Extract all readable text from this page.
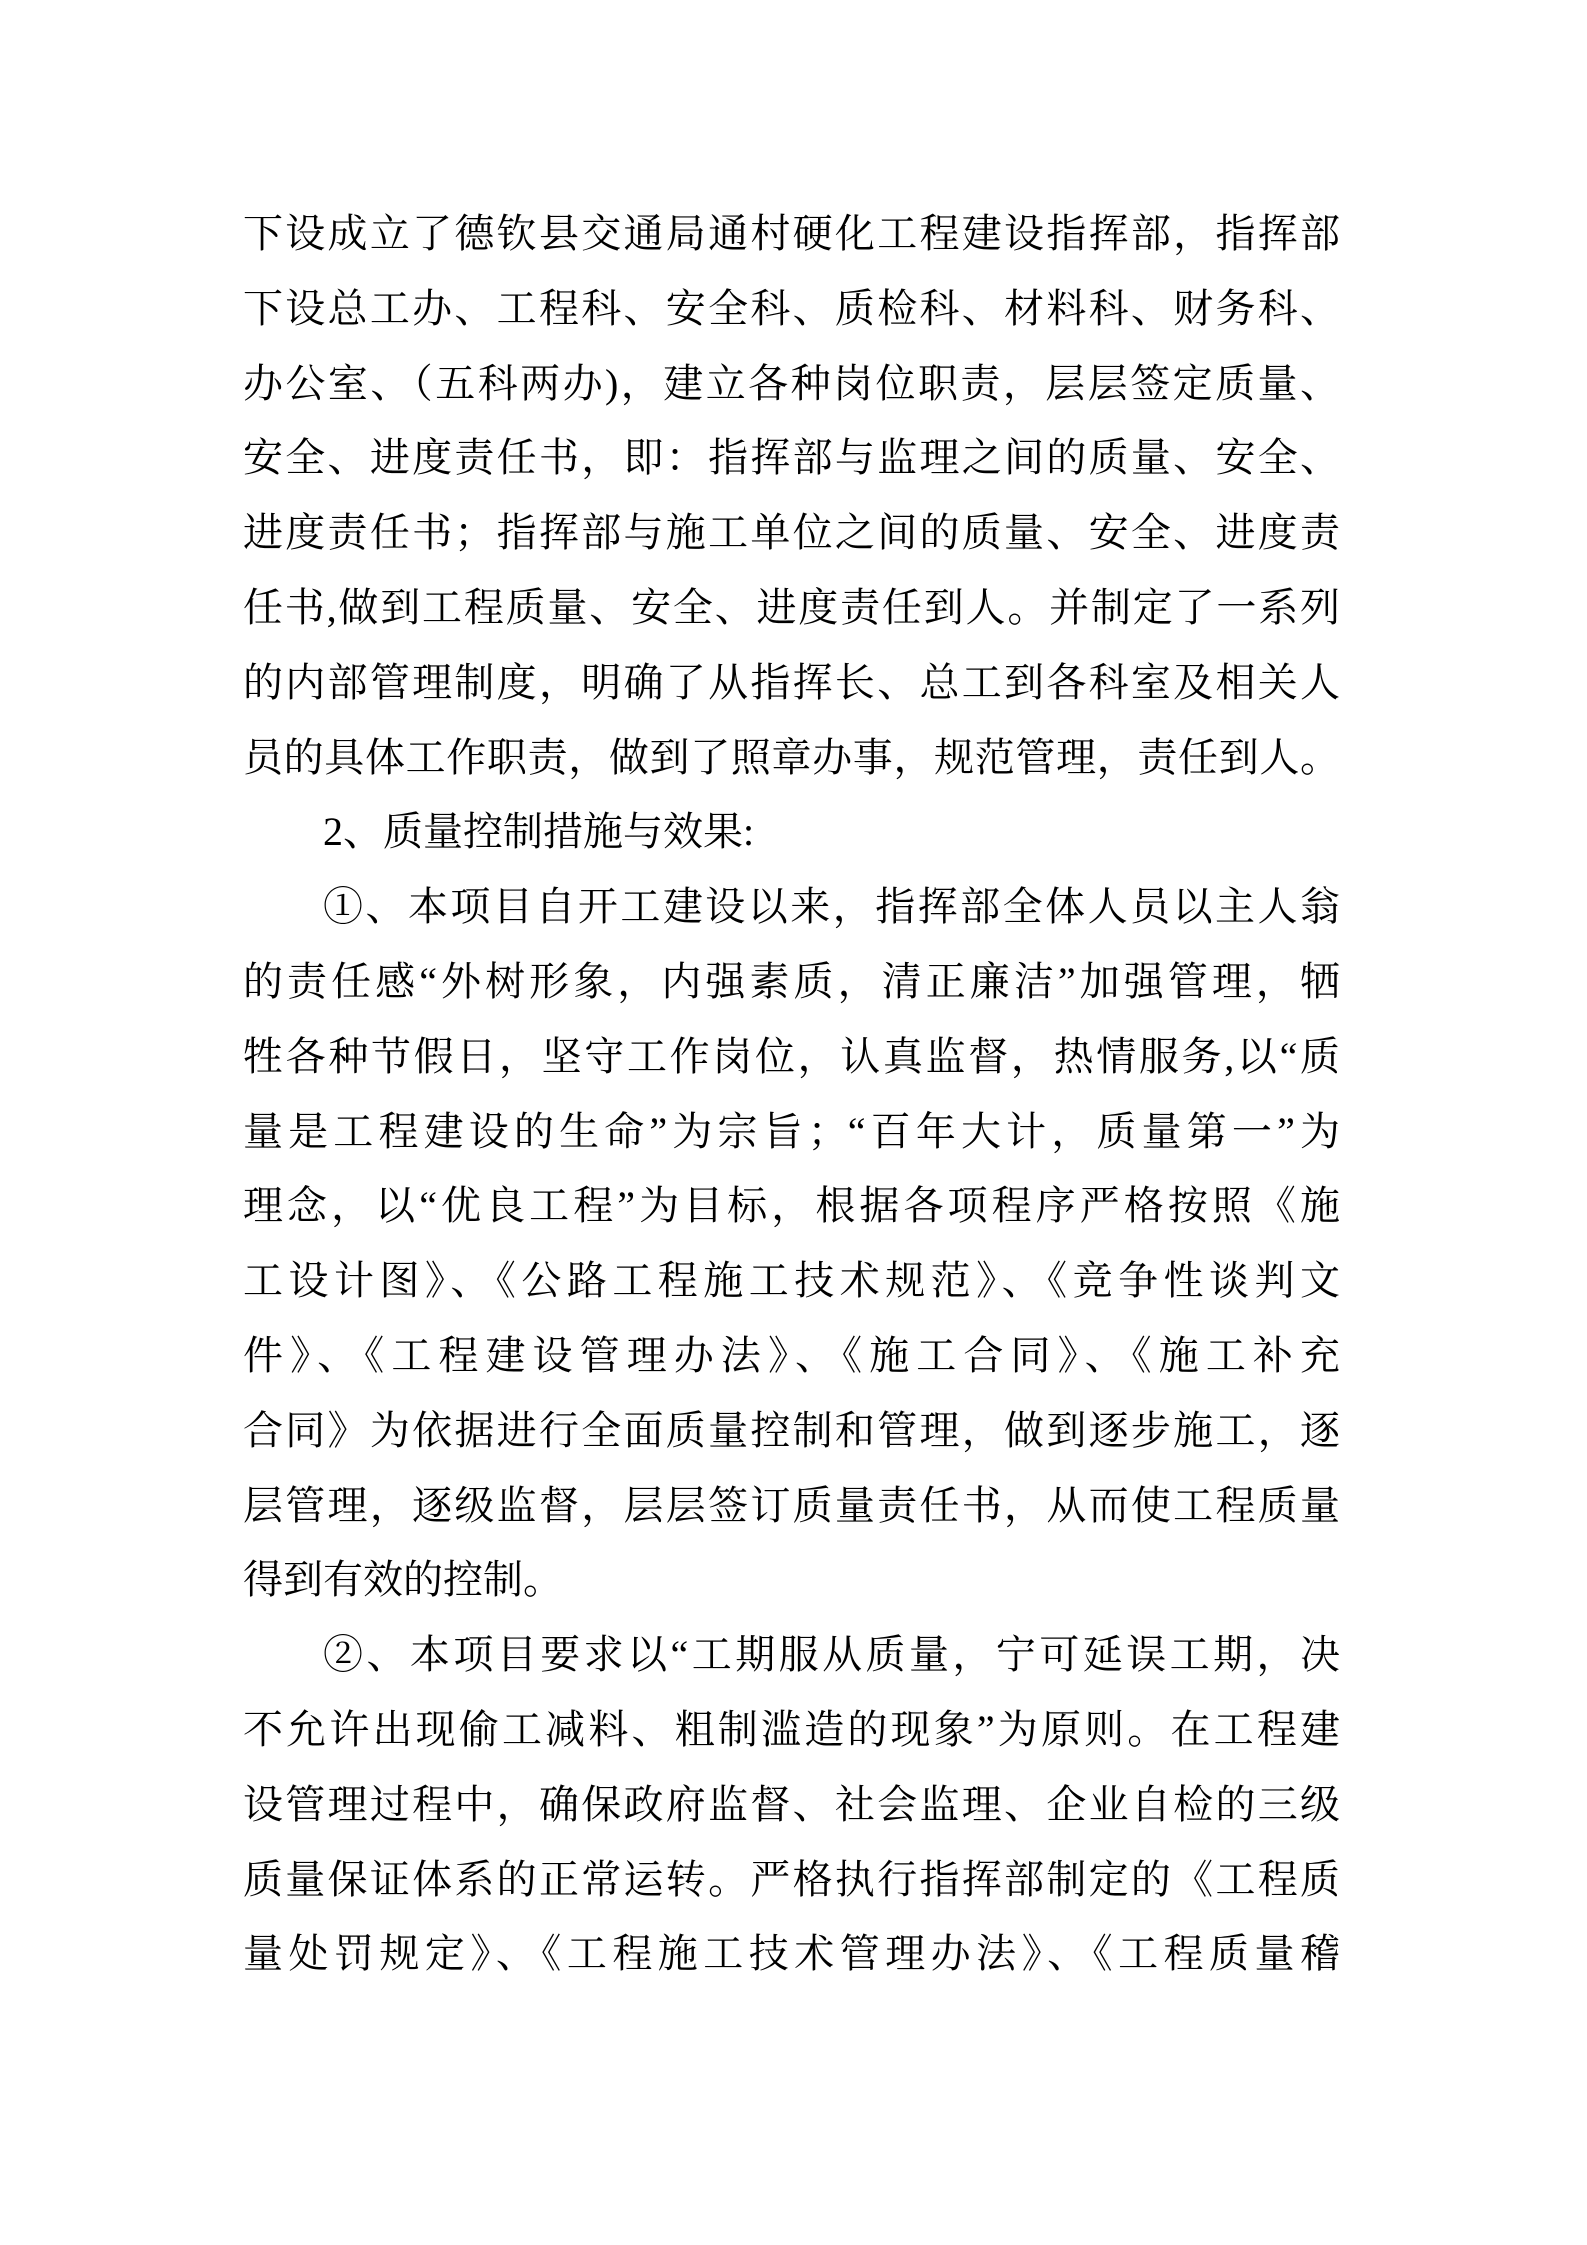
下设成立了德钦县交通局通村硬化工程建设指挥部，指挥部
下设总工办、工程科、安全科、质检科、材料科、财务科、
办公室、（五科两办)，建立各种岗位职责，层层签定质量、
安全、进度责任书，即：指挥部与监理之间的质量、安全、
进度责任书；指挥部与施工单位之间的质量、安全、进度责
任书,做到工程质量、安全、进度责任到人。并制定了一系列
的内部管理制度，明确了从指挥长、总工到各科室及相关人
员的具体工作职责，做到了照章办事，规范管理，责任到人。
2、质量控制措施与效果:
①、本项目自开工建设以来，指挥部全体人员以主人翁
的责任感“外树形象，内强素质，清正廉洁”加强管理，牺
牲各种节假日，坚守工作岗位，认真监督，热情服务,以“质
量是工程建设的生命”为宗旨；“百年大计，质量第一”为
理念，以“优良工程”为目标，根据各项程序严格按照《施
工设计图》、《公路工程施工技术规范》、《竞争性谈判文
件》、《工程建设管理办法》、《施工合同》、《施工补充
合同》为依据进行全面质量控制和管理，做到逐步施工，逐
层管理，逐级监督，层层签订质量责任书，从而使工程质量
得到有效的控制。
②、本项目要求以“工期服从质量，宁可延误工期，决
不允许出现偷工减料、粗制滥造的现象”为原则。在工程建
设管理过程中，确保政府监督、社会监理、企业自检的三级
质量保证体系的正常运转。严格执行指挥部制定的《工程质
量处罚规定》、《工程施工技术管理办法》、《工程质量稽
